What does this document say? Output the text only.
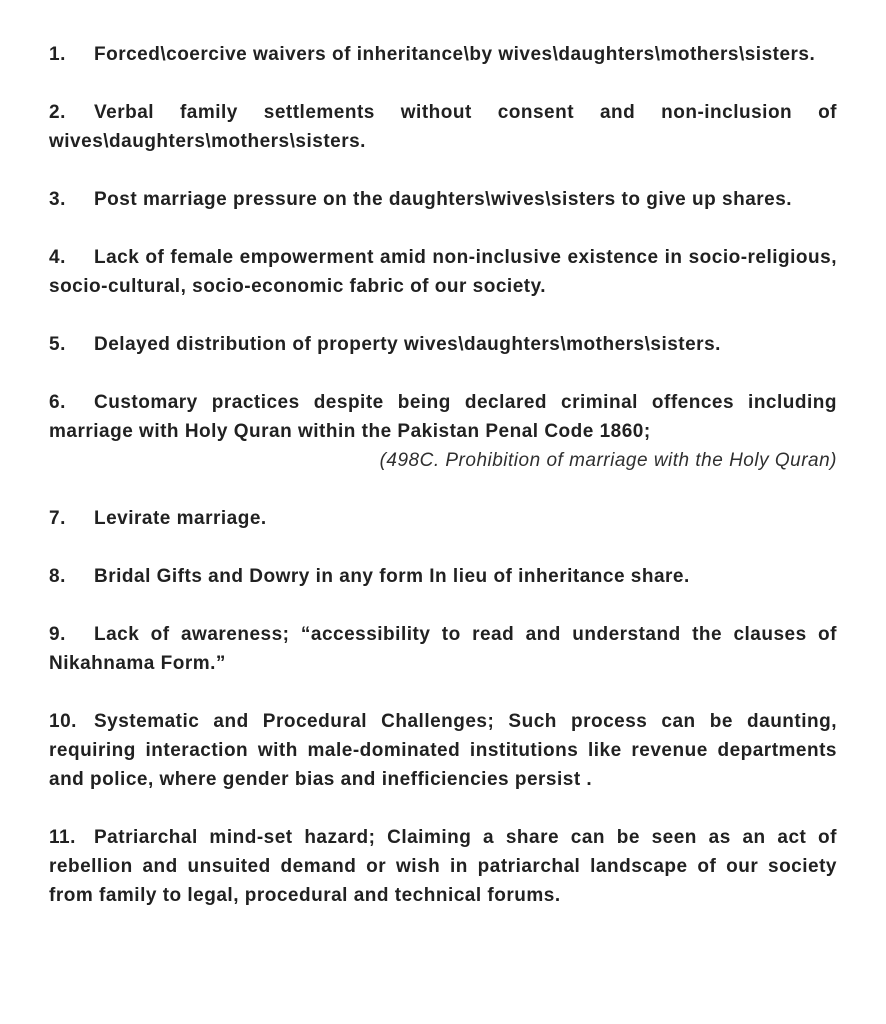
1. Forced\coercive waivers of inheritance\by wives\daughters\mothers\sisters.
2. Verbal family settlements without consent and non-inclusion of wives\daughters\mothers\sisters.
3. Post marriage pressure on the daughters\wives\sisters to give up shares.
4. Lack of female empowerment amid non-inclusive existence in socio-religious, socio-cultural, socio-economic fabric of our society.
5. Delayed distribution of property wives\daughters\mothers\sisters.
6. Customary practices despite being declared criminal offences including marriage with Holy Quran within the Pakistan Penal Code 1860;
(498C. Prohibition of marriage with the Holy Quran)
7. Levirate marriage.
8. Bridal Gifts and Dowry in any form In lieu of inheritance share.
9. Lack of awareness; “accessibility to read and understand the clauses of Nikahnama Form.”
10. Systematic and Procedural Challenges; Such process can be daunting, requiring interaction with male-dominated institutions like revenue departments and police, where gender bias and inefficiencies persist .
11. Patriarchal mind-set hazard; Claiming a share can be seen as an act of rebellion and unsuited demand or wish in patriarchal landscape of our society from family to legal, procedural and technical forums.
